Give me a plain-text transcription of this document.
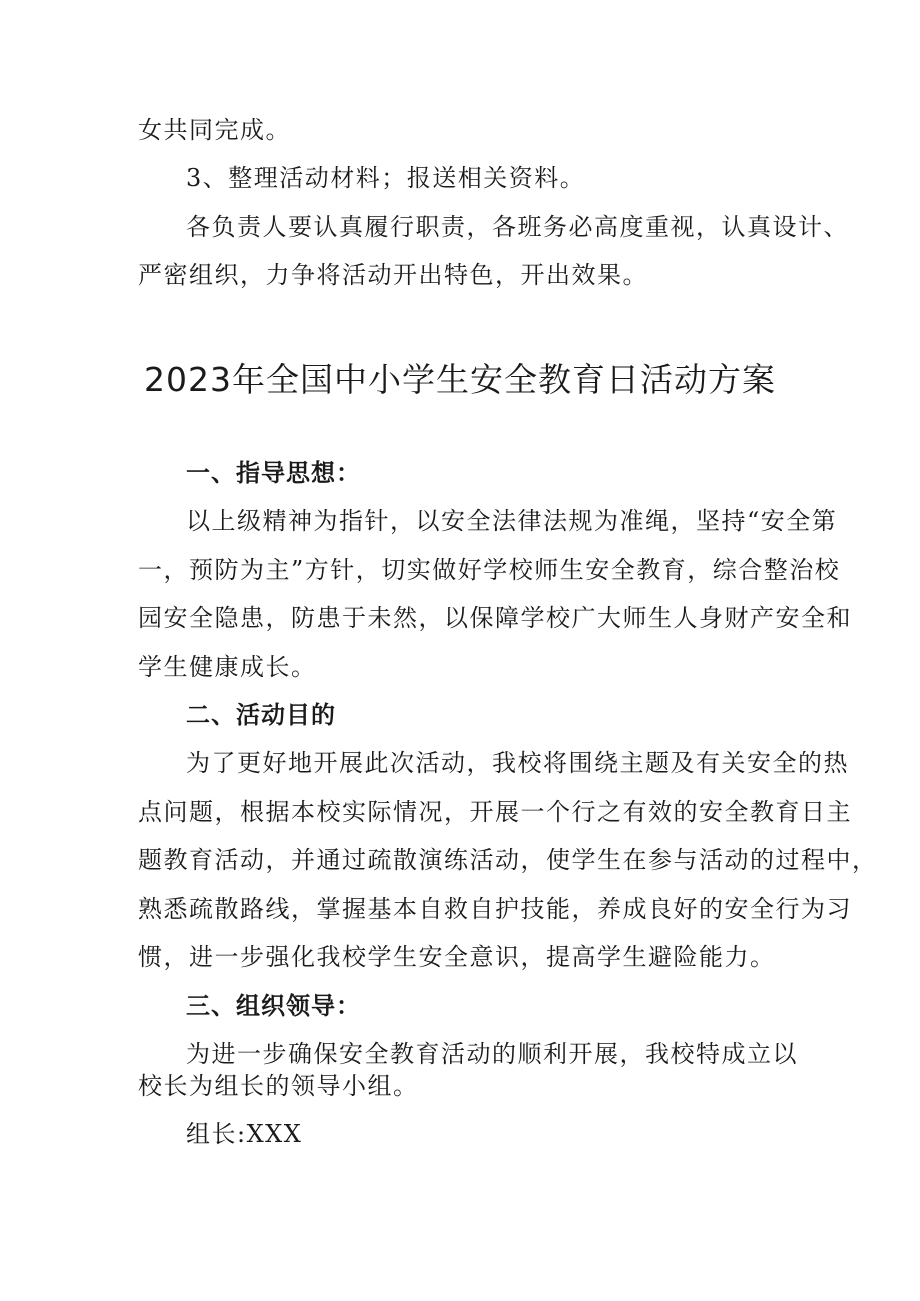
女共同完成。

3、整理活动材料；报送相关资料。

各负责人要认真履行职责，各班务必高度重视，认真设计、

严密组织，力争将活动开出特色，开出效果。

2023年全国中小学生安全教育日活动方案
一、指导思想：

以上级精神为指针，以安全法律法规为准绳，坚持“安全第

一，预防为主”方针，切实做好学校师生安全教育，综合整治校

园安全隐患，防患于未然，以保障学校广大师生人身财产安全和

学生健康成长。

二、活动目的

为了更好地开展此次活动，我校将围绕主题及有关安全的热

点问题，根据本校实际情况，开展一个行之有效的安全教育日主

题教育活动，并通过疏散演练活动，使学生在参与活动的过程中，

熟悉疏散路线，掌握基本自救自护技能，养成良好的安全行为习

惯，进一步强化我校学生安全意识，提高学生避险能力。

三、组织领导：

为进一步确保安全教育活动的顺利开展，我校特成立以

校长为组长的领导小组。

组长:XXX
